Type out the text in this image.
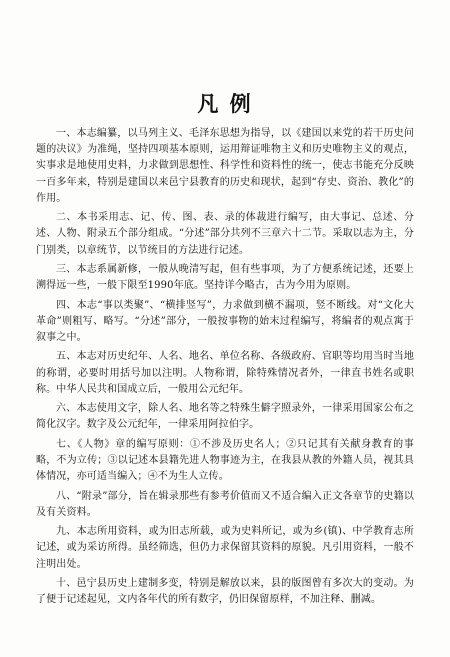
凡 例

一、本志编纂，以马列主义、毛泽东思想为指导，以《建国以来党的若干历史问题的决议》为准绳，坚持四项基本原则，运用辩证唯物主义和历史唯物主义的观点，实事求是地使用史料，力求做到思想性、科学性和资料性的统一，使志书能充分反映一百多年来，特别是建国以来邑宁县教育的历史和现状，起到“存史、资治、教化”的作用。

二、本书采用志、记、传、图、表、录的体裁进行编写，由大事记、总述、分述、人物、附录五个部分组成。“分述”部分共列不三章六十二节。采取以志为主，分门别类，以章统节，以节统目的方法进行记述。

三、本志系属新修，一般从晚清写起，但有些事项，为了方便系统记述，还要上溯得远一些，一般下限至1990年底。坚持详今略古，古为今用为原则。

四、本志“事以类聚”、“横排竖写”，力求做到横不漏项，竖不断线。对“文化大革命”则粗写、略写。“分述”部分，一般按事物的始末过程编写，将编者的观点寓于叙事之中。

五、本志对历史纪年、人名、地名、单位名称、各级政府、官职等均用当时当地的称谓，必要时用括号加以注明。人物称谓，除特殊情况者外，一律直书姓名或职称。中华人民共和国成立后，一般用公元纪年。

六、本志使用文字，除人名、地名等之特殊生僻字照录外，一律采用国家公布之简化汉字。数字及公元纪年，一律采用阿拉伯字。

七、《人物》章的编写原则：①不涉及历史名人；②只记其有关献身教育的事略，不为立传；③以记述本县籍先进人物事迹为主，在我县从教的外籍人员，视其具体情况，亦可适当编入；④不为生人立传。

八、“附录”部分，旨在辑录那些有参考价值而又不适合编入正文各章节的史籍以及有关资料。

九、本志所用资料，或为旧志所载，或为史料所记，或为乡(镇)、中学教育志所记述，或为采访所得。虽经筛选，但仍力求保留其资料的原貌。凡引用资料，一般不注明出处。

十、邑宁县历史上建制多变，特别是解放以来，县的版图曾有多次大的变动。为了便于记述起见，文内各年代的所有数字，仍旧保留原样，不加注释、删减。
